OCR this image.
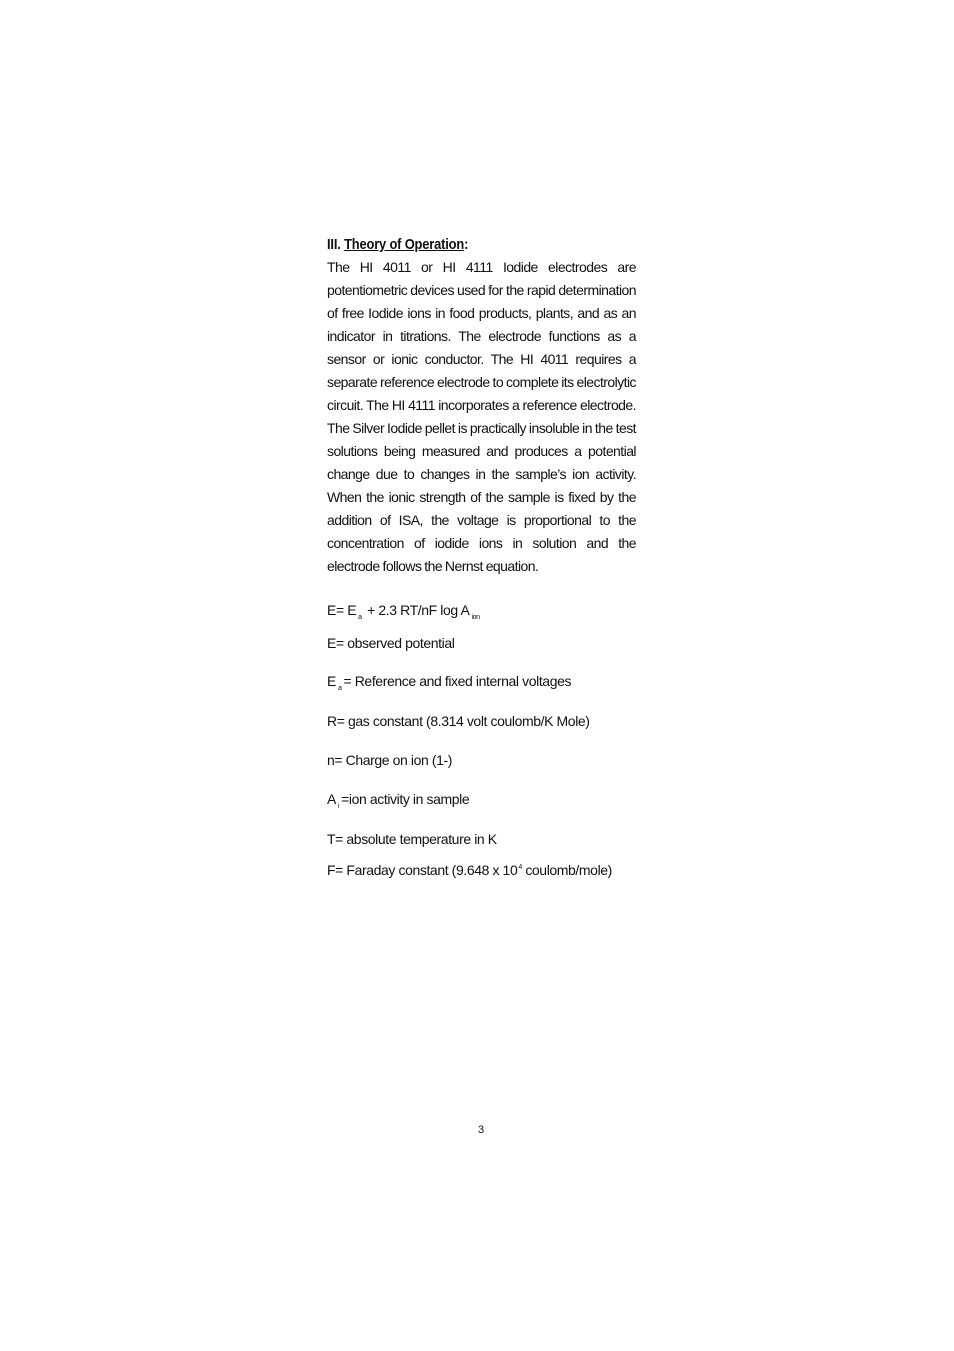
III. Theory of Operation:

The HI 4011 or HI 4111 Iodide electrodes are potentiometric devices used for the rapid determination of free Iodide ions in food products, plants, and as an indicator in titrations. The electrode functions as a sensor or ionic conductor. The HI 4011 requires a separate reference electrode to complete its electrolytic circuit. The HI 4111 incorporates a reference electrode. The Silver Iodide pellet is practically insoluble in the test solutions being measured and produces a potential change due to changes in the sample’s ion activity. When the ionic strength of the sample is fixed by the addition of ISA, the voltage is proportional to the concentration of iodide ions in solution and the electrode follows the Nernst equation.

E= E $_a$ + 2.3 RT/nF log A $_{ion}$
E= observed potential
E $_a$ = Reference and fixed internal voltages
R= gas constant (8.314 volt coulomb/K Mole)
n= Charge on ion (1-)
A $_i$ =ion activity in sample
T= absolute temperature in K
F= Faraday constant (9.648 x $10^4$ coulomb/mole)
3
